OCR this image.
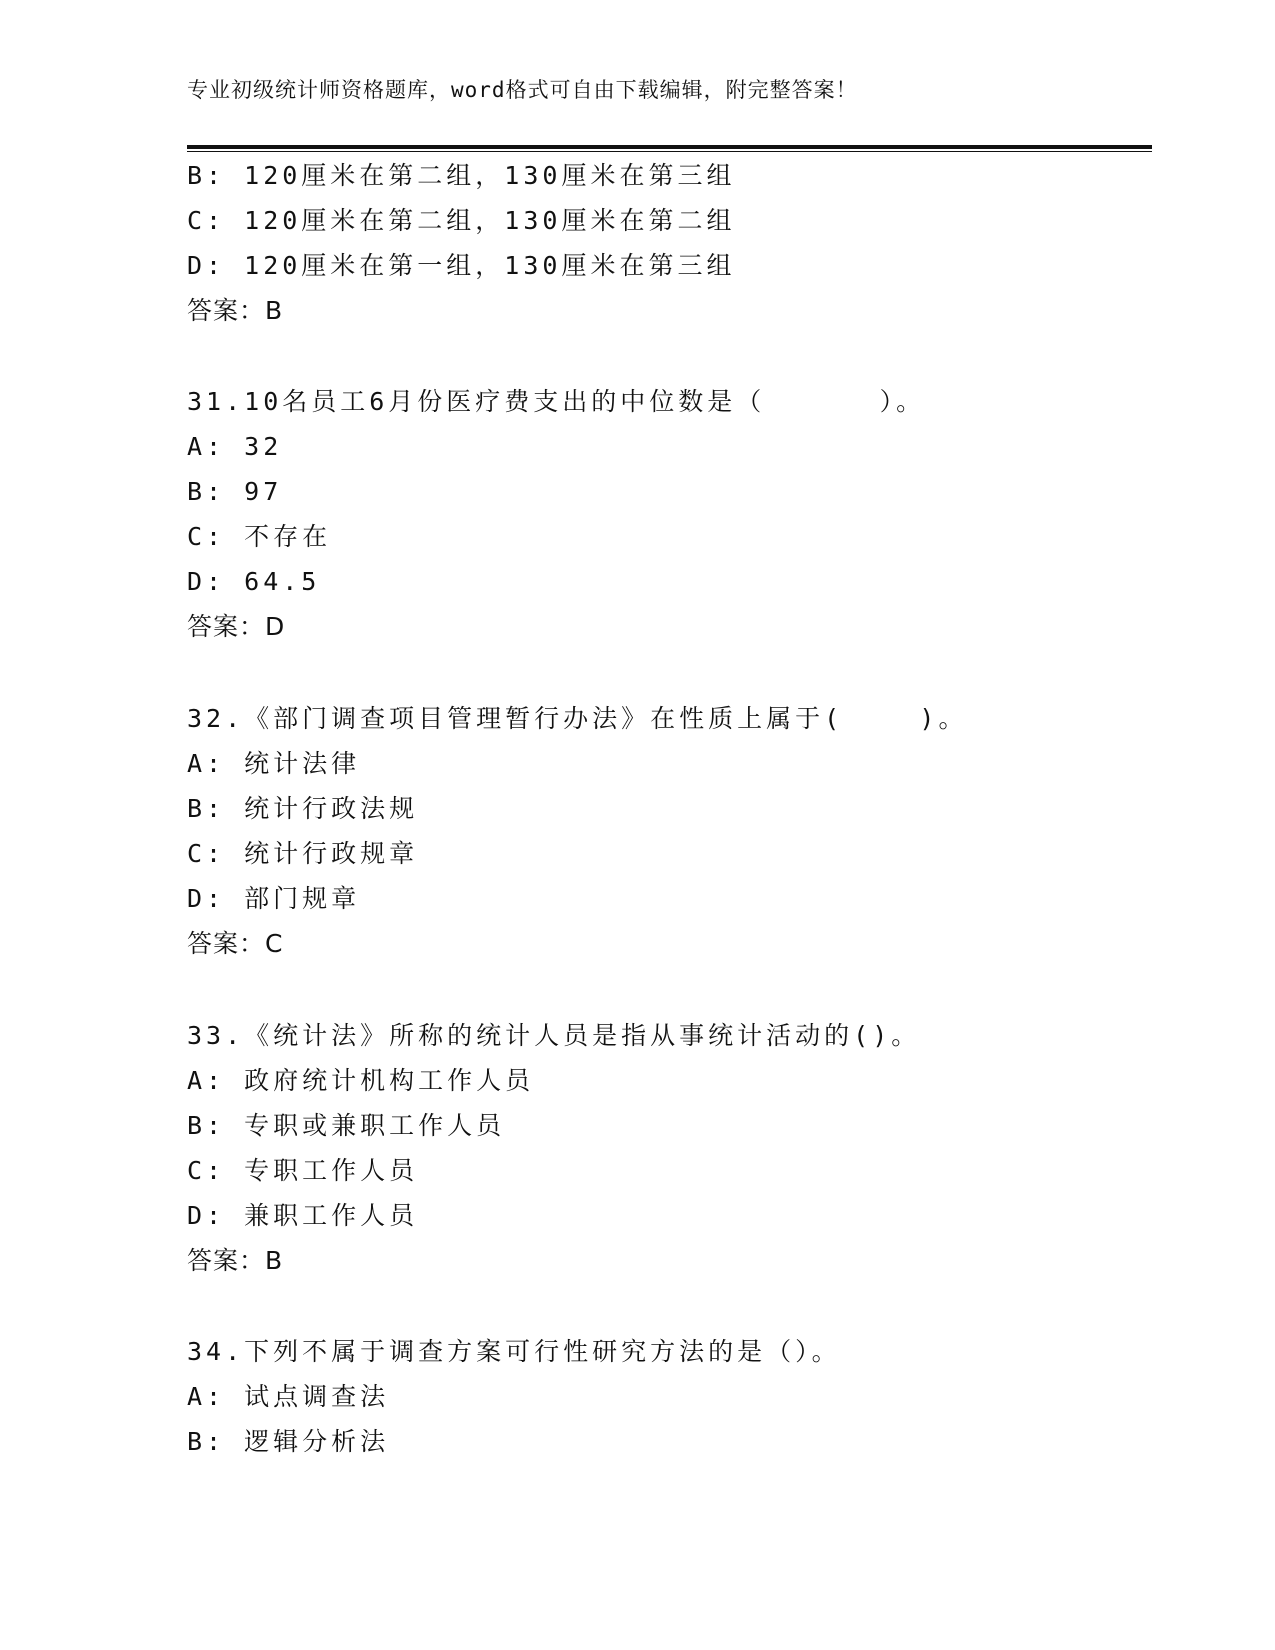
专业初级统计师资格题库，word格式可自由下载编辑，附完整答案！
B: 120厘米在第二组，130厘米在第三组
C: 120厘米在第二组，130厘米在第二组
D: 120厘米在第一组，130厘米在第三组
答案：B
31.10名员工6月份医疗费支出的中位数是（      ）。
A: 32
B: 97
C: 不存在
D: 64.5
答案：D
32.《部门调查项目管理暂行办法》在性质上属于(    )。
A: 统计法律
B: 统计行政法规
C: 统计行政规章
D: 部门规章
答案：C
33.《统计法》所称的统计人员是指从事统计活动的()。
A: 政府统计机构工作人员
B: 专职或兼职工作人员
C: 专职工作人员
D: 兼职工作人员
答案：B
34.下列不属于调查方案可行性研究方法的是（）。
A: 试点调查法
B: 逻辑分析法
